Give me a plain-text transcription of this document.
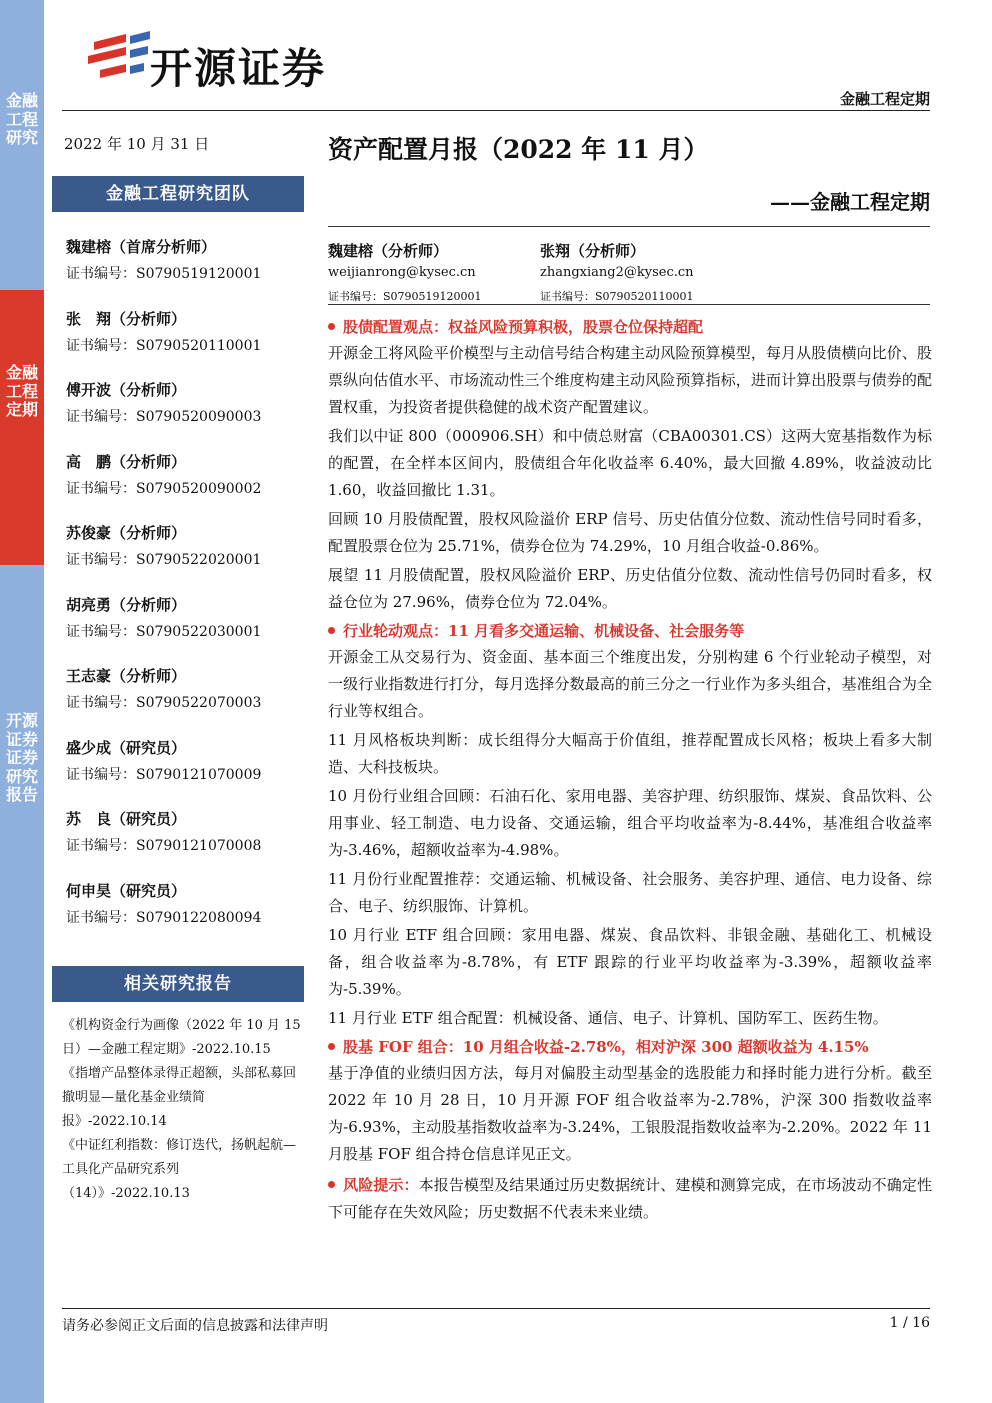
金融工程研究
金融工程定期
开源证券 证券研究报告
开源证券
金融工程定期
2022 年 10 月 31 日	资产配置月报（2022 年 11 月）
——金融工程定期
金融工程研究团队
魏建榕（首席分析师）
证书编号：S0790519120001
张　翔（分析师）
证书编号：S0790520110001
傅开波（分析师）
证书编号：S0790520090003
高　鹏（分析师）
证书编号：S0790520090002
苏俊豪（分析师）
证书编号：S0790522020001
胡亮勇（分析师）
证书编号：S0790522030001
王志豪（分析师）
证书编号：S0790522070003
盛少成（研究员）
证书编号：S0790121070009
苏　良（研究员）
证书编号：S0790121070008
何申昊（研究员）
证书编号：S0790122080094
相关研究报告
《机构资金行为画像（2022 年 10 月 15 日）—金融工程定期》-2022.10.15
《指增产品整体录得正超额，头部私募回撤明显—量化基金业绩简报》-2022.10.14
《中证红利指数：修订迭代，扬帆起航—工具化产品研究系列（14）》-2022.10.13
魏建榕（分析师）
weijianrong@kysec.cn
证书编号：S0790519120001
张翔（分析师）
zhangxiang2@kysec.cn
证书编号：S0790520110001
股债配置观点：权益风险预算积极，股票仓位保持超配

开源金工将风险平价模型与主动信号结合构建主动风险预算模型，每月从股债横向比价、股票纵向估值水平、市场流动性三个维度构建主动风险预算指标，进而计算出股票与债券的配置权重，为投资者提供稳健的战术资产配置建议。

我们以中证 800（000906.SH）和中债总财富（CBA00301.CS）这两大宽基指数作为标的配置，在全样本区间内，股债组合年化收益率 6.40%，最大回撤 4.89%，收益波动比 1.60，收益回撤比 1.31。

回顾 10 月股债配置，股权风险溢价 ERP 信号、历史估值分位数、流动性信号同时看多，配置股票仓位为 25.71%，债券仓位为 74.29%，10 月组合收益-0.86%。

展望 11 月股债配置，股权风险溢价 ERP、历史估值分位数、流动性信号仍同时看多，权益仓位为 27.96%，债券仓位为 72.04%。

行业轮动观点：11 月看多交通运输、机械设备、社会服务等

开源金工从交易行为、资金面、基本面三个维度出发，分别构建 6 个行业轮动子模型，对一级行业指数进行打分，每月选择分数最高的前三分之一行业作为多头组合，基准组合为全行业等权组合。

11 月风格板块判断：成长组得分大幅高于价值组，推荐配置成长风格；板块上看多大制造、大科技板块。

10 月份行业组合回顾：石油石化、家用电器、美容护理、纺织服饰、煤炭、食品饮料、公用事业、轻工制造、电力设备、交通运输，组合平均收益率为-8.44%，基准组合收益率为-3.46%，超额收益率为-4.98%。

11 月份行业配置推荐：交通运输、机械设备、社会服务、美容护理、通信、电力设备、综合、电子、纺织服饰、计算机。

10 月行业 ETF 组合回顾：家用电器、煤炭、食品饮料、非银金融、基础化工、机械设备，组合收益率为-8.78%，有 ETF 跟踪的行业平均收益率为-3.39%，超额收益率为-5.39%。

11 月行业 ETF 组合配置：机械设备、通信、电子、计算机、国防军工、医药生物。

股基 FOF 组合：10 月组合收益-2.78%，相对沪深 300 超额收益为 4.15%

基于净值的业绩归因方法，每月对偏股主动型基金的选股能力和择时能力进行分析。截至 2022 年 10 月 28 日，10 月开源 FOF 组合收益率为-2.78%，沪深 300 指数收益率为-6.93%，主动股基指数收益率为-3.24%，工银股混指数收益率为-2.20%。2022 年 11 月股基 FOF 组合持仓信息详见正文。

风险提示：本报告模型及结果通过历史数据统计、建模和测算完成，在市场波动不确定性下可能存在失效风险；历史数据不代表未来业绩。
请务必参阅正文后面的信息披露和法律声明	1 / 16
